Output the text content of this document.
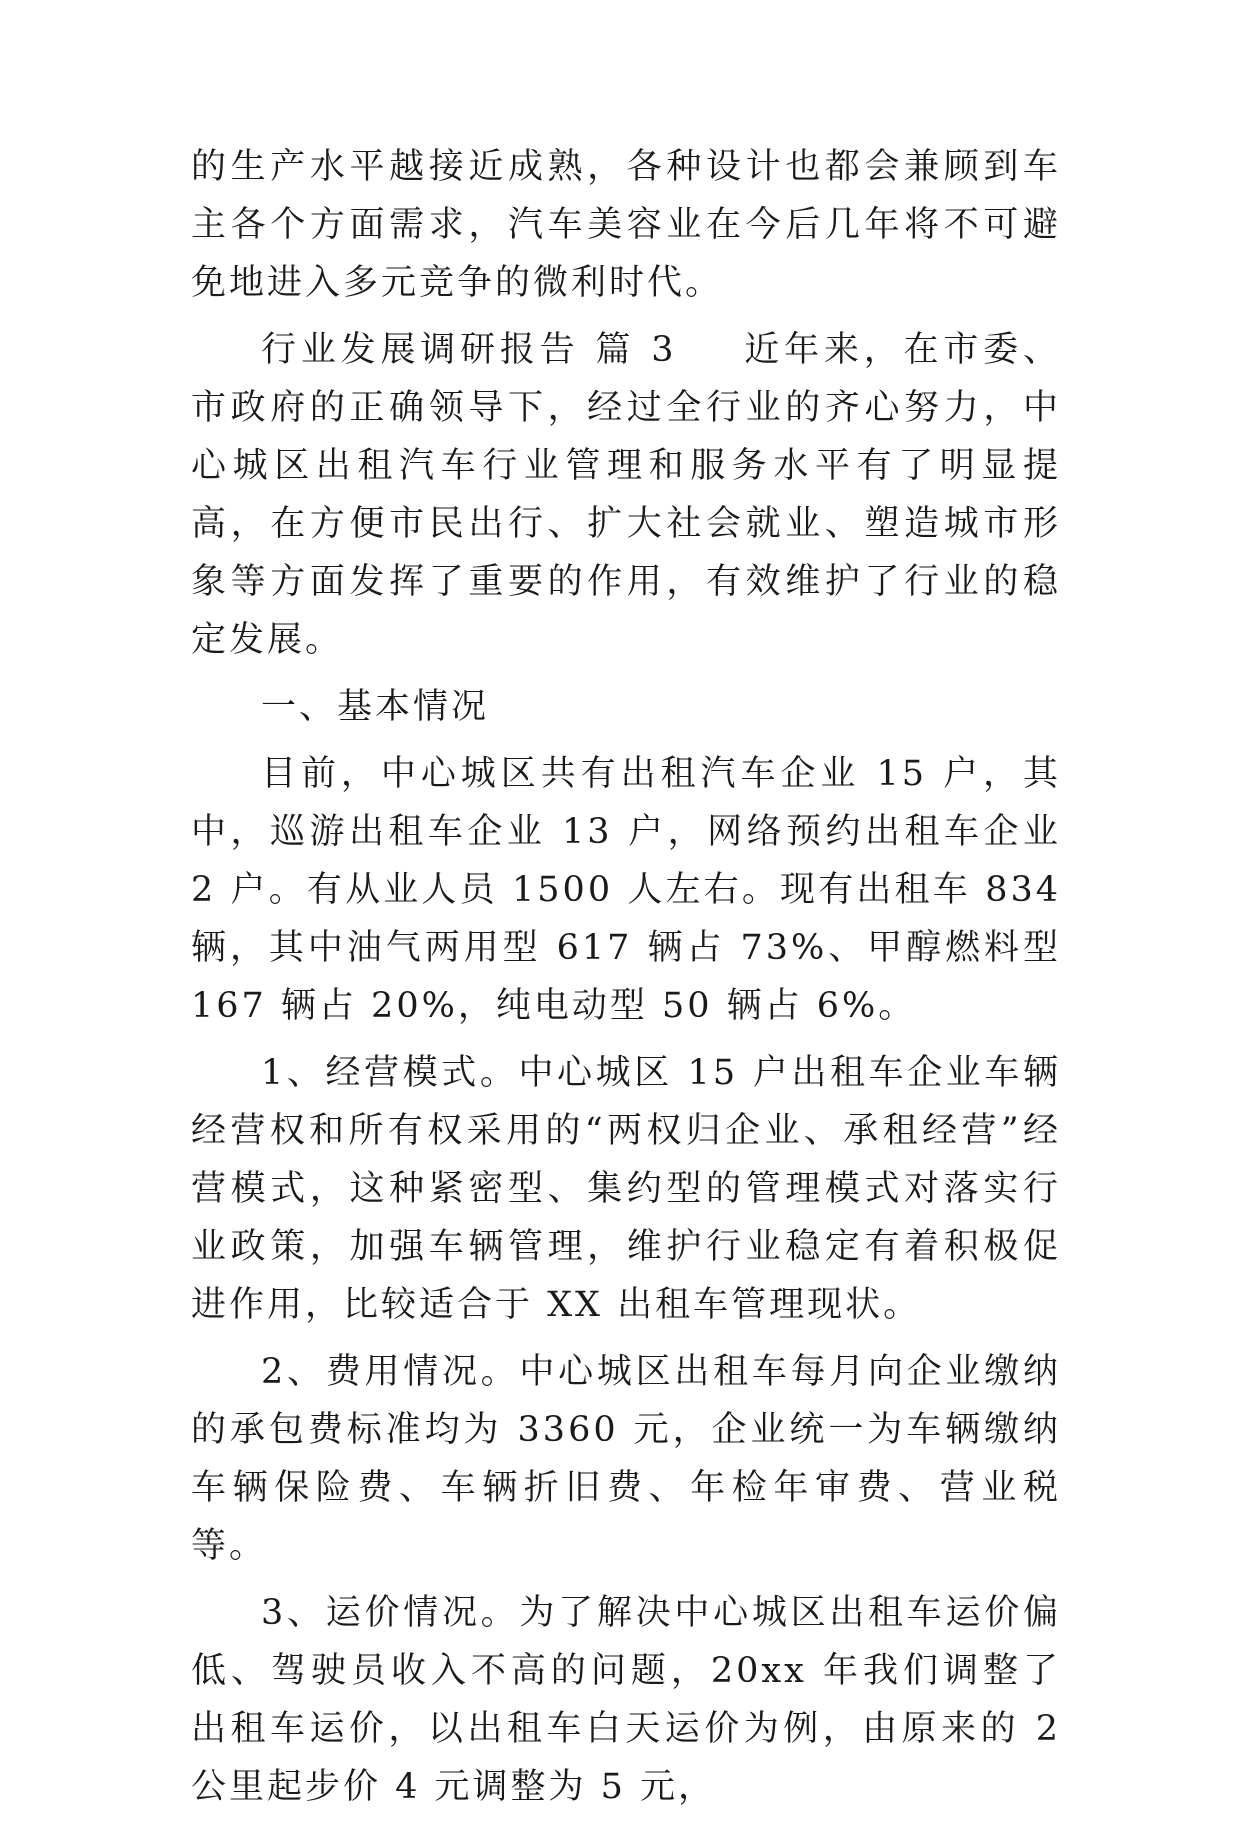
的生产水平越接近成熟，各种设计也都会兼顾到车主各个方面需求，汽车美容业在今后几年将不可避免地进入多元竞争的微利时代。

行业发展调研报告 篇 3 近年来，在市委、市政府的正确领导下，经过全行业的齐心努力，中心城区出租汽车行业管理和服务水平有了明显提高，在方便市民出行、扩大社会就业、塑造城市形象等方面发挥了重要的作用，有效维护了行业的稳定发展。

一、基本情况

目前，中心城区共有出租汽车企业 15 户，其中，巡游出租车企业 13 户，网络预约出租车企业 2 户。有从业人员 1500 人左右。现有出租车 834 辆，其中油气两用型 617 辆占 73%、甲醇燃料型 167 辆占 20%，纯电动型 50 辆占 6%。

1、经营模式。中心城区 15 户出租车企业车辆经营权和所有权采用的“两权归企业、承租经营”经营模式，这种紧密型、集约型的管理模式对落实行业政策，加强车辆管理，维护行业稳定有着积极促进作用，比较适合于 XX 出租车管理现状。

2、费用情况。中心城区出租车每月向企业缴纳的承包费标准均为 3360 元，企业统一为车辆缴纳车辆保险费、车辆折旧费、年检年审费、营业税等。

3、运价情况。为了解决中心城区出租车运价偏低、驾驶员收入不高的问题，20xx 年我们调整了出租车运价，以出租车白天运价为例，由原来的 2 公里起步价 4 元调整为 5 元，
